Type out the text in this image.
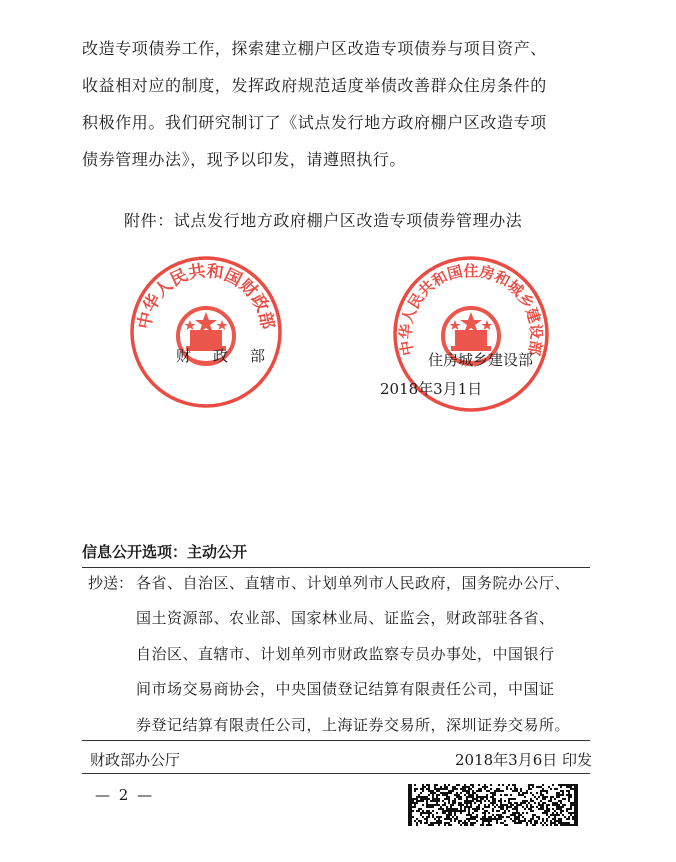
改造专项债券工作，探索建立棚户区改造专项债券与项目资产、
收益相对应的制度，发挥政府规范适度举债改善群众住房条件的
积极作用。我们研究制订了《试点发行地方政府棚户区改造专项
债券管理办法》，现予以印发，请遵照执行。
附件：试点发行地方政府棚户区改造专项债券管理办法
中华人民共和国财政部
中华人民共和国住房和城乡建设部
财政部	住房城乡建设部
2018年3月1日
信息公开选项：主动公开
抄送： 各省、自治区、直辖市、计划单列市人民政府，国务院办公厅、
国土资源部、农业部、国家林业局、证监会，财政部驻各省、
自治区、直辖市、计划单列市财政监察专员办事处，中国银行
间市场交易商协会，中央国债登记结算有限责任公司，中国证
券登记结算有限责任公司，上海证券交易所，深圳证券交易所。
财政部办公厅	2018年3月6日 印发
— 2 —
